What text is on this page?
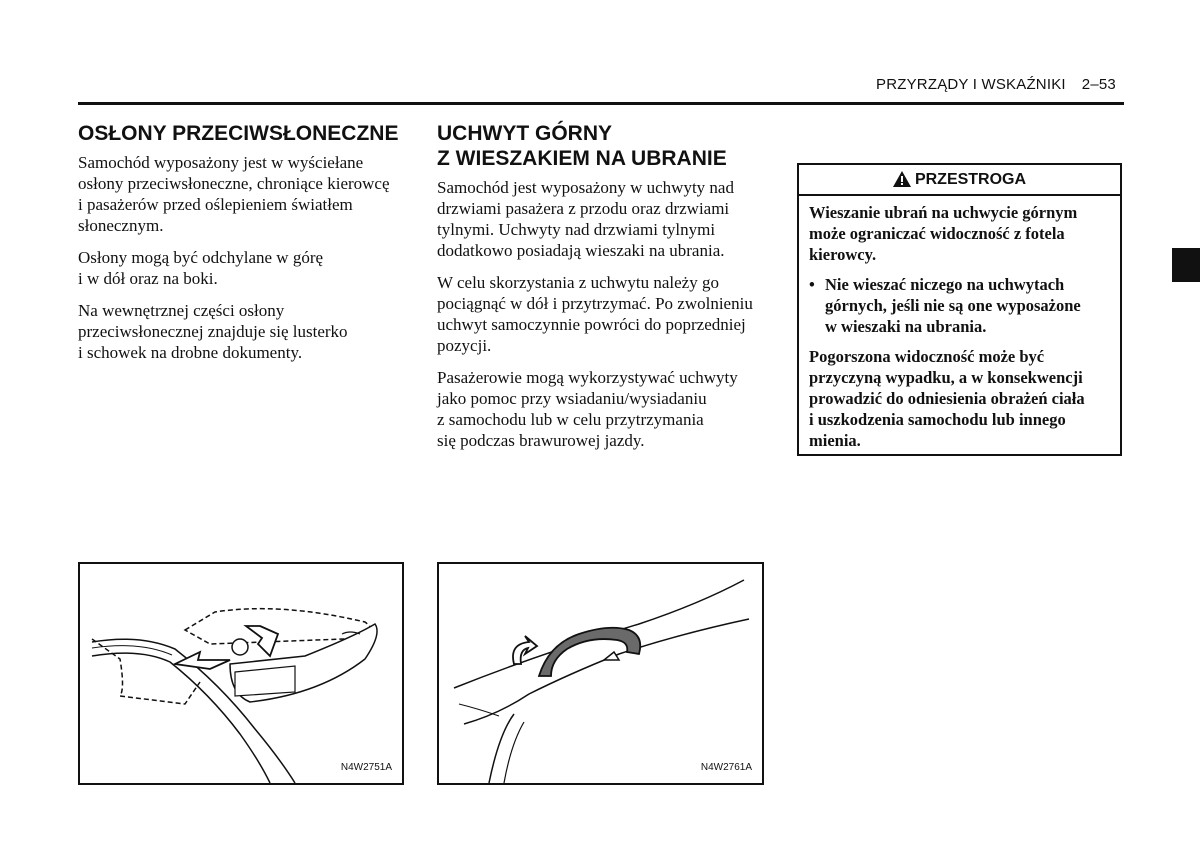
PRZYRZĄDY I WSKAŹNIKI 2–53
OSŁONY PRZECIWSŁONECZNE

Samochód wyposażony jest w wyściełane
osłony przeciwsłoneczne, chroniące kierowcę
i pasażerów przed oślepieniem światłem
słonecznym.

Osłony mogą być odchylane w górę
i w dół oraz na boki.

Na wewnętrznej części osłony
przeciwsłonecznej znajduje się lusterko
i schowek na drobne dokumenty.

UCHWYT GÓRNY
Z WIESZAKIEM NA UBRANIE

Samochód jest wyposażony w uchwyty nad
drzwiami pasażera z przodu oraz drzwiami
tylnymi. Uchwyty nad drzwiami tylnymi
dodatkowo posiadają wieszaki na ubrania.

W celu skorzystania z uchwytu należy go
pociągnąć w dół i przytrzymać. Po zwolnieniu
uchwyt samoczynnie powróci do poprzedniej
pozycji.

Pasażerowie mogą wykorzystywać uchwyty
jako pomoc przy wsiadaniu/wysiadaniu
z samochodu lub w celu przytrzymania
się podczas brawurowej jazdy.

PRZESTROGA

Wieszanie ubrań na uchwycie górnym
może ograniczać widoczność z fotela
kierowcy.

• Nie wieszać niczego na uchwytach
górnych, jeśli nie są one wyposażone
w wieszaki na ubrania.

Pogorszona widoczność może być
przyczyną wypadku, a w konsekwencji
prowadzić do odniesienia obrażeń ciała
i uszkodzenia samochodu lub innego
mienia.

N4W2751A	N4W2761A
